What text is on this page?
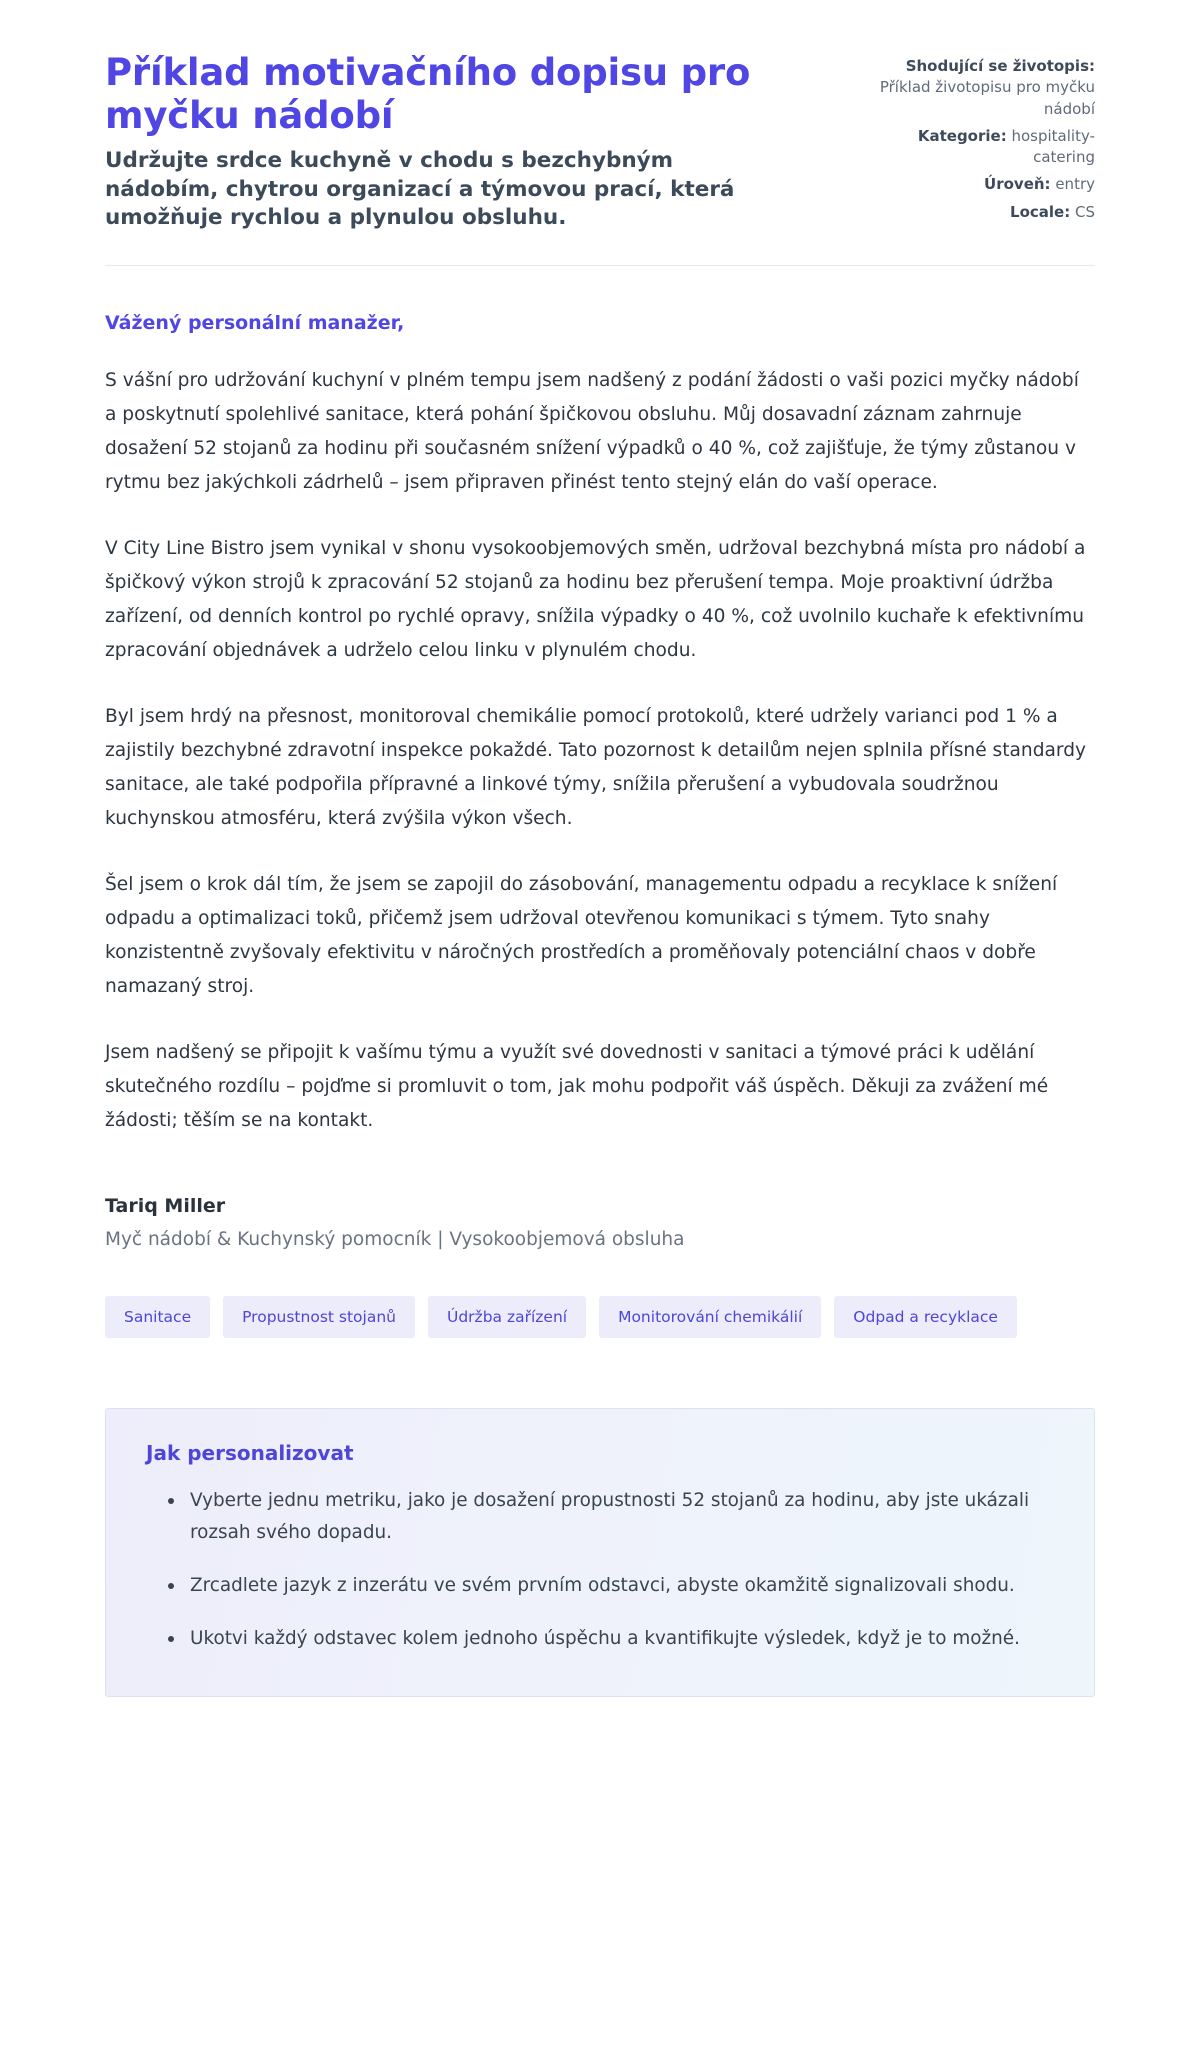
Příklad motivačního dopisu pro myčku nádobí

Udržujte srdce kuchyně v chodu s bezchybným nádobím, chytrou organizací a týmovou prací, která umožňuje rychlou a plynulou obsluhu.

Shodující se životopis: Příklad životopisu pro myčku nádobí
Kategorie: hospitality-catering
Úroveň: entry
Locale: CS

Vážený personální manažer,

S vášní pro udržování kuchyní v plném tempu jsem nadšený z podání žádosti o vaši pozici myčky nádobí a poskytnutí spolehlivé sanitace, která pohání špičkovou obsluhu. Můj dosavadní záznam zahrnuje dosažení 52 stojanů za hodinu při současném snížení výpadků o 40 %, což zajišťuje, že týmy zůstanou v rytmu bez jakýchkoli zádrhelů – jsem připraven přinést tento stejný elán do vaší operace.

V City Line Bistro jsem vynikal v shonu vysokoobjemových směn, udržoval bezchybná místa pro nádobí a špičkový výkon strojů k zpracování 52 stojanů za hodinu bez přerušení tempa. Moje proaktivní údržba zařízení, od denních kontrol po rychlé opravy, snížila výpadky o 40 %, což uvolnilo kuchaře k efektivnímu zpracování objednávek a udrželo celou linku v plynulém chodu.

Byl jsem hrdý na přesnost, monitoroval chemikálie pomocí protokolů, které udržely varianci pod 1 % a zajistily bezchybné zdravotní inspekce pokaždé. Tato pozornost k detailům nejen splnila přísné standardy sanitace, ale také podpořila přípravné a linkové týmy, snížila přerušení a vybudovala soudržnou kuchynskou atmosféru, která zvýšila výkon všech.

Šel jsem o krok dál tím, že jsem se zapojil do zásobování, managementu odpadu a recyklace k snížení odpadu a optimalizaci toků, přičemž jsem udržoval otevřenou komunikaci s týmem. Tyto snahy konzistentně zvyšovaly efektivitu v náročných prostředích a proměňovaly potenciální chaos v dobře namazaný stroj.

Jsem nadšený se připojit k vašímu týmu a využít své dovednosti v sanitaci a týmové práci k udělání skutečného rozdílu – pojďme si promluvit o tom, jak mohu podpořit váš úspěch. Děkuji za zvážení mé žádosti; těším se na kontakt.

Tariq Miller

Myč nádobí & Kuchynský pomocník | Vysokoobjemová obsluha

Sanitace	Propustnost stojanů	Údržba zařízení	Monitorování chemikálií	Odpad a recyklace
Jak personalizovat
Vyberte jednu metriku, jako je dosažení propustnosti 52 stojanů za hodinu, aby jste ukázali rozsah svého dopadu.
Zrcadlete jazyk z inzerátu ve svém prvním odstavci, abyste okamžitě signalizovali shodu.
Ukotvi každý odstavec kolem jednoho úspěchu a kvantifikujte výsledek, když je to možné.
